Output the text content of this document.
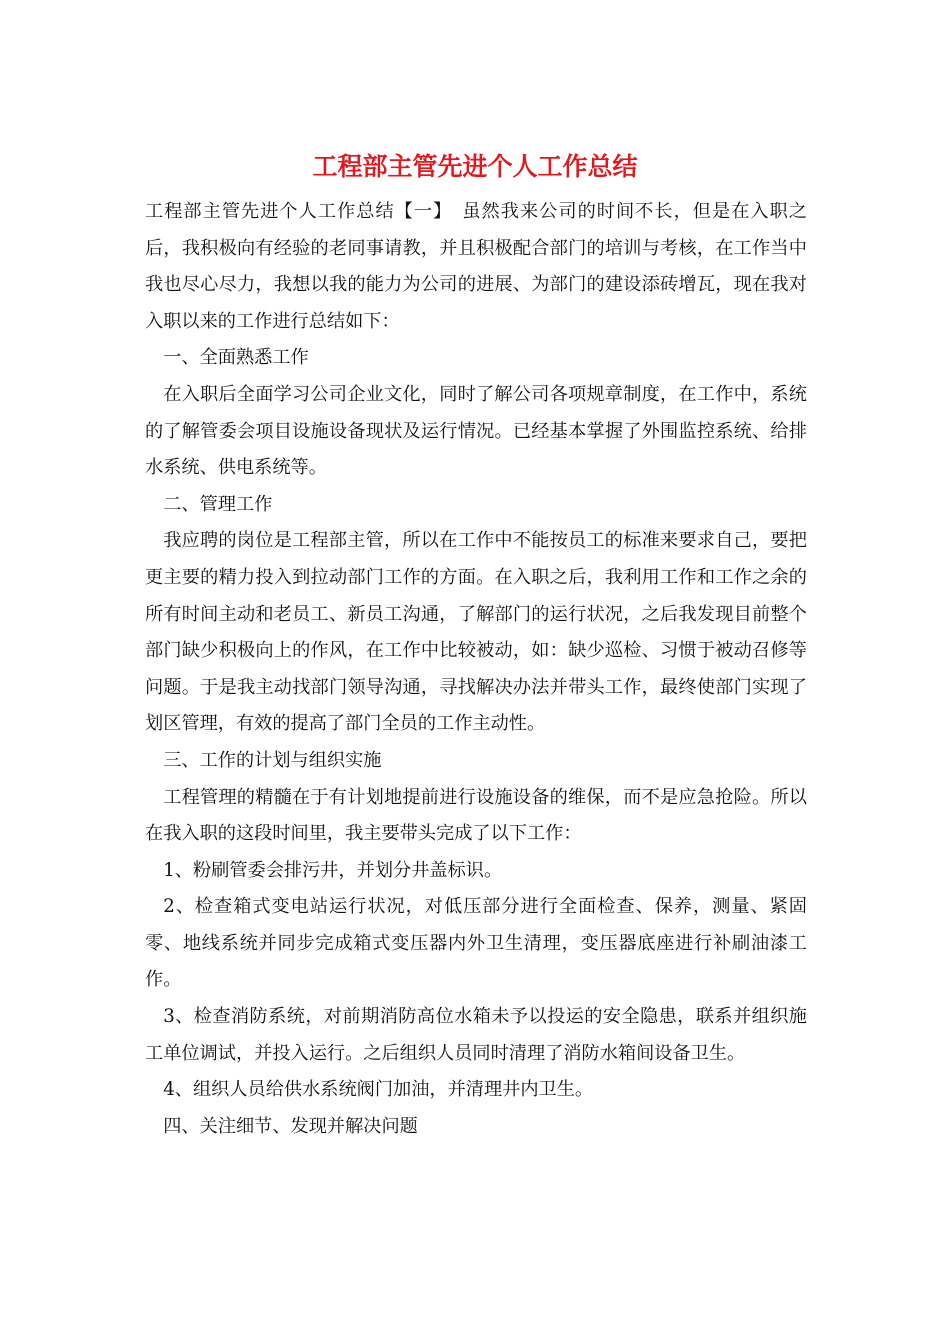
工程部主管先进个人工作总结

工程部主管先进个人工作总结【一】　虽然我来公司的时间不长，但是在入职之后，我积极向有经验的老同事请教，并且积极配合部门的培训与考核，在工作当中我也尽心尽力，我想以我的能力为公司的进展、为部门的建设添砖增瓦，现在我对入职以来的工作进行总结如下：

一、全面熟悉工作

在入职后全面学习公司企业文化，同时了解公司各项规章制度，在工作中，系统的了解管委会项目设施设备现状及运行情况。已经基本掌握了外围监控系统、给排水系统、供电系统等。

二、管理工作

我应聘的岗位是工程部主管，所以在工作中不能按员工的标准来要求自己，要把更主要的精力投入到拉动部门工作的方面。在入职之后，我利用工作和工作之余的所有时间主动和老员工、新员工沟通，了解部门的运行状况，之后我发现目前整个部门缺少积极向上的作风，在工作中比较被动，如：缺少巡检、习惯于被动召修等问题。于是我主动找部门领导沟通，寻找解决办法并带头工作，最终使部门实现了划区管理，有效的提高了部门全员的工作主动性。

三、工作的计划与组织实施

工程管理的精髓在于有计划地提前进行设施设备的维保，而不是应急抢险。所以在我入职的这段时间里，我主要带头完成了以下工作：

1、粉刷管委会排污井，并划分井盖标识。

2、检查箱式变电站运行状况，对低压部分进行全面检查、保养，测量、紧固零、地线系统并同步完成箱式变压器内外卫生清理，变压器底座进行补刷油漆工作。

3、检查消防系统，对前期消防高位水箱未予以投运的安全隐患，联系并组织施工单位调试，并投入运行。之后组织人员同时清理了消防水箱间设备卫生。

4、组织人员给供水系统阀门加油，并清理井内卫生。

四、关注细节、发现并解决问题
